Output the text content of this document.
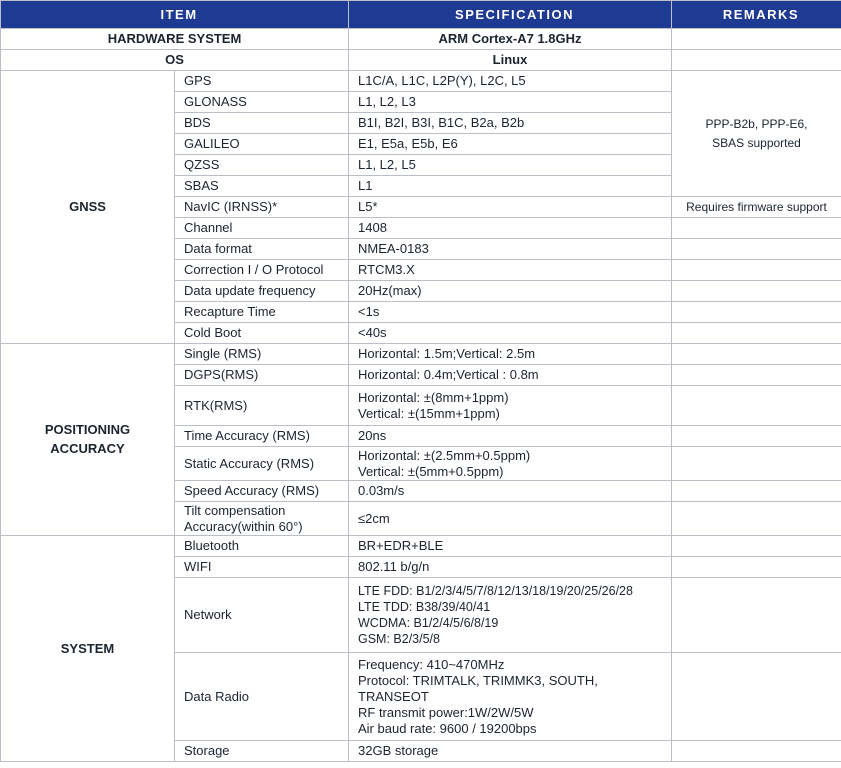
ITEM		SPECIFICATION	REMARKS
HARDWARE SYSTEM		ARM Cortex-A7 1.8GHz	
OS		Linux	
GNSS	GPS	L1C/A, L1C, L2P(Y), L2C, L5	PPP-B2b, PPP-E6,
SBAS supported

	GLONASS	L1, L2, L3	
	BDS	B1I, B2I, B3I, B1C, B2a, B2b	
	GALILEO	E1, E5a, E5b, E6	
	QZSS	L1, L2, L5	
	SBAS	L1	
	NavIC (IRNSS)*	L5*	Requires firmware support
	Channel	1408	
	Data format	NMEA-0183	
	Correction I / O Protocol	RTCM3.X	
	Data update frequency	20Hz(max)	
	Recapture Time	<1s	
	Cold Boot	<40s	

POSITIONING
ACCURACY	Single (RMS)	Horizontal: 1.5m;Vertical: 2.5m	
	DGPS(RMS)	Horizontal: 0.4m;Vertical : 0.8m	
	RTK(RMS)	Horizontal: ±(8mm+1ppm)
Vertical: ±(15mm+1ppm)	

	Time Accuracy (RMS)	20ns	
	Static Accuracy (RMS)	Horizontal: ±(2.5mm+0.5ppm)
Vertical: ±(5mm+0.5ppm)	

	Speed Accuracy (RMS)	0.03m/s	

	Tilt compensation
Accuracy(within 60°)	≤2cm	
SYSTEM	Bluetooth	BR+EDR+BLE	
	WIFI	802.11 b/g/n	
	Network	LTE FDD: B1/2/3/4/5/7/8/12/13/18/19/20/25/26/28
LTE TDD: B38/39/40/41
WCDMA: B1/2/4/5/6/8/19
GSM: B2/3/5/8	

	Data Radio	Frequency: 410~470MHz
Protocol: TRIMTALK, TRIMMK3, SOUTH,
TRANSEOT
RF transmit power:1W/2W/5W
Air baud rate: 9600 / 19200bps	

	Storage	32GB storage	
